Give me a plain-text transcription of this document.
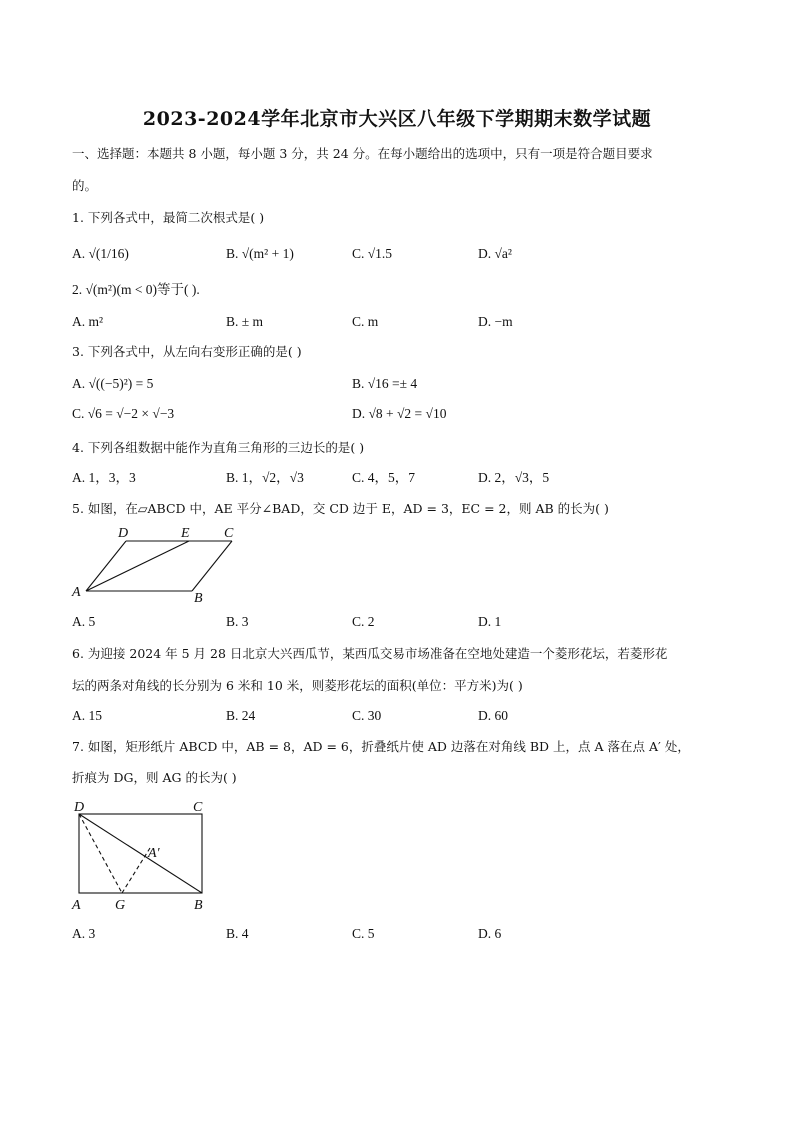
2023-2024学年北京市大兴区八年级下学期期末数学试题
一、选择题：本题共 8 小题，每小题 3 分，共 24 分。在每小题给出的选项中，只有一项是符合题目要求
的。
1. 下列各式中，最简二次根式是( )
A. √(1/16)	B. √(m² + 1)	C. √1.5	D. √a²
2. √(m²)(m < 0)等于( ).
A. m²	B. ± m	C. m	D. −m
3. 下列各式中，从左向右变形正确的是( )
A. √((−5)²) = 5	B. √16 =± 4
C. √6 = √−2 × √−3	D. √8 + √2 = √10
4. 下列各组数据中能作为直角三角形的三边长的是( )
A. 1，3，3	B. 1，√2，√3	C. 4，5，7	D. 2，√3，5
5. 如图，在▱ABCD 中，AE 平分∠BAD，交 CD 边于 E，AD = 3，EC = 2，则 AB 的长为( )
D	E C
A	B
A. 5	B. 3	C. 2	D. 1
6. 为迎接 2024 年 5 月 28 日北京大兴西瓜节，某西瓜交易市场准备在空地处建造一个菱形花坛，若菱形花
坛的两条对角线的长分别为 6 米和 10 米，则菱形花坛的面积(单位：平方米)为( )
A. 15	B. 24	C. 30	D. 60
7. 如图，矩形纸片 ABCD 中，AB = 8，AD = 6，折叠纸片使 AD 边落在对角线 BD 上，点 A 落在点 A′ 处，
折痕为 DG，则 AG 的长为( )
D	C
A′
A G	B
A. 3	B. 4	C. 5	D. 6
